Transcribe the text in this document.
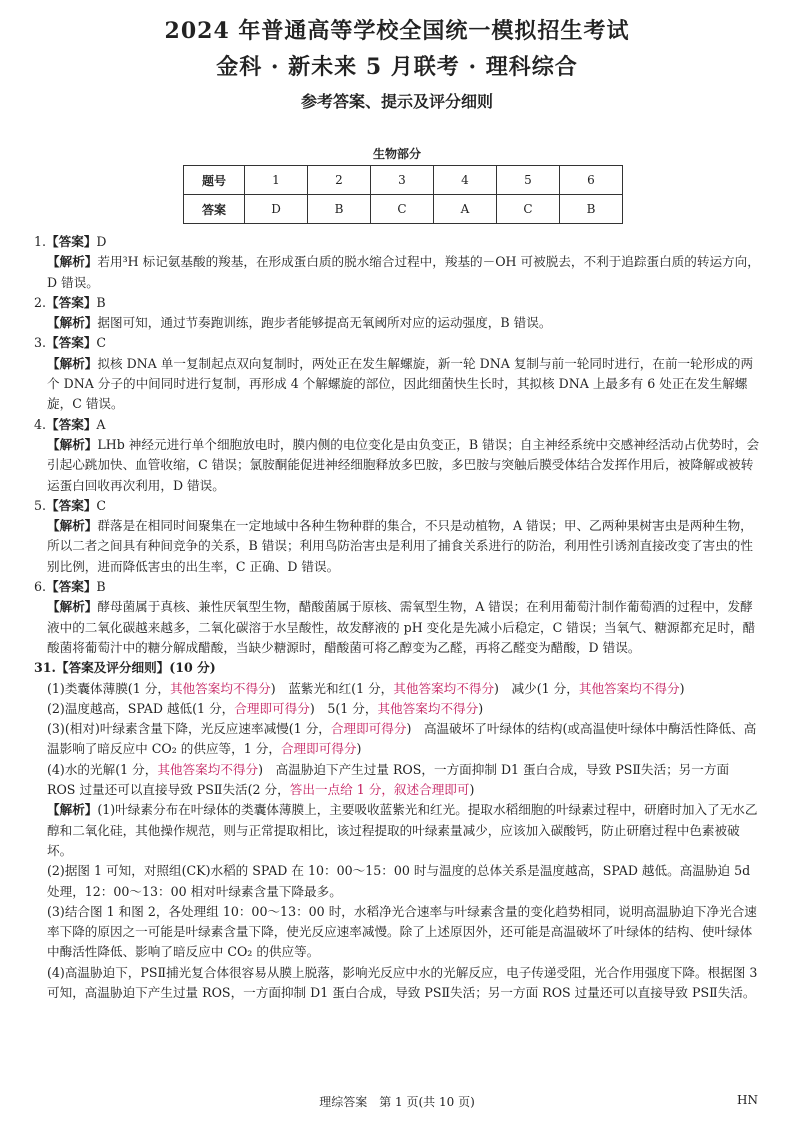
2024 年普通高等学校全国统一模拟招生考试
金科 · 新未来 5 月联考 · 理科综合
参考答案、提示及评分细则
生物部分
题号	1	2	3	4	5	6
答案	D	B	C	A	C	B

1.【答案】D

【解析】若用³H 标记氨基酸的羧基，在形成蛋白质的脱水缩合过程中，羧基的－OH 可被脱去，不利于追踪蛋白质的转运方向，D 错误。

2.【答案】B

【解析】据图可知，通过节奏跑训练，跑步者能够提高无氧阈所对应的运动强度，B 错误。

3.【答案】C

【解析】拟核 DNA 单一复制起点双向复制时，两处正在发生解螺旋，新一轮 DNA 复制与前一轮同时进行，在前一轮形成的两个 DNA 分子的中间同时进行复制，再形成 4 个解螺旋的部位，因此细菌快生长时，其拟核 DNA 上最多有 6 处正在发生解螺旋，C 错误。

4.【答案】A

【解析】LHb 神经元进行单个细胞放电时，膜内侧的电位变化是由负变正，B 错误；自主神经系统中交感神经活动占优势时，会引起心跳加快、血管收缩，C 错误；氯胺酮能促进神经细胞释放多巴胺，多巴胺与突触后膜受体结合发挥作用后，被降解或被转运蛋白回收再次利用，D 错误。

5.【答案】C

【解析】群落是在相同时间聚集在一定地域中各种生物种群的集合，不只是动植物，A 错误；甲、乙两种果树害虫是两种生物，所以二者之间具有种间竞争的关系，B 错误；利用鸟防治害虫是利用了捕食关系进行的防治，利用性引诱剂直接改变了害虫的性别比例，进而降低害虫的出生率，C 正确、D 错误。

6.【答案】B

【解析】酵母菌属于真核、兼性厌氧型生物，醋酸菌属于原核、需氧型生物，A 错误；在利用葡萄汁制作葡萄酒的过程中，发酵液中的二氧化碳越来越多，二氧化碳溶于水呈酸性，故发酵液的 pH 变化是先减小后稳定，C 错误；当氧气、糖源都充足时，醋酸菌将葡萄汁中的糖分解成醋酸，当缺少糖源时，醋酸菌可将乙醇变为乙醛，再将乙醛变为醋酸，D 错误。

31.【答案及评分细则】(10 分)

(1)类囊体薄膜(1 分，其他答案均不得分)　蓝紫光和红(1 分，其他答案均不得分)　减少(1 分，其他答案均不得分)

(2)温度越高，SPAD 越低(1 分，合理即可得分)　5(1 分，其他答案均不得分)

(3)(相对)叶绿素含量下降，光反应速率减慢(1 分，合理即可得分)　高温破坏了叶绿体的结构(或高温使叶绿体中酶活性降低、高温影响了暗反应中 CO₂ 的供应等，1 分，合理即可得分)

(4)水的光解(1 分，其他答案均不得分)　高温胁迫下产生过量 ROS，一方面抑制 D1 蛋白合成，导致 PSⅡ失活；另一方面 ROS 过量还可以直接导致 PSⅡ失活(2 分，答出一点给 1 分，叙述合理即可)

【解析】(1)叶绿素分布在叶绿体的类囊体薄膜上，主要吸收蓝紫光和红光。提取水稻细胞的叶绿素过程中，研磨时加入了无水乙醇和二氧化硅，其他操作规范，则与正常提取相比，该过程提取的叶绿素量减少，应该加入碳酸钙，防止研磨过程中色素被破坏。

(2)据图 1 可知，对照组(CK)水稻的 SPAD 在 10：00～15：00 时与温度的总体关系是温度越高，SPAD 越低。高温胁迫 5d 处理，12：00～13：00 相对叶绿素含量下降最多。

(3)结合图 1 和图 2，各处理组 10：00～13：00 时，水稻净光合速率与叶绿素含量的变化趋势相同，说明高温胁迫下净光合速率下降的原因之一可能是叶绿素含量下降，使光反应速率减慢。除了上述原因外，还可能是高温破坏了叶绿体的结构、使叶绿体中酶活性降低、影响了暗反应中 CO₂ 的供应等。

(4)高温胁迫下，PSⅡ捕光复合体很容易从膜上脱落，影响光反应中水的光解反应，电子传递受阻，光合作用强度下降。根据图 3 可知，高温胁迫下产生过量 ROS，一方面抑制 D1 蛋白合成，导致 PSⅡ失活；另一方面 ROS 过量还可以直接导致 PSⅡ失活。

理综答案　第 1 页(共 10 页)	HN
